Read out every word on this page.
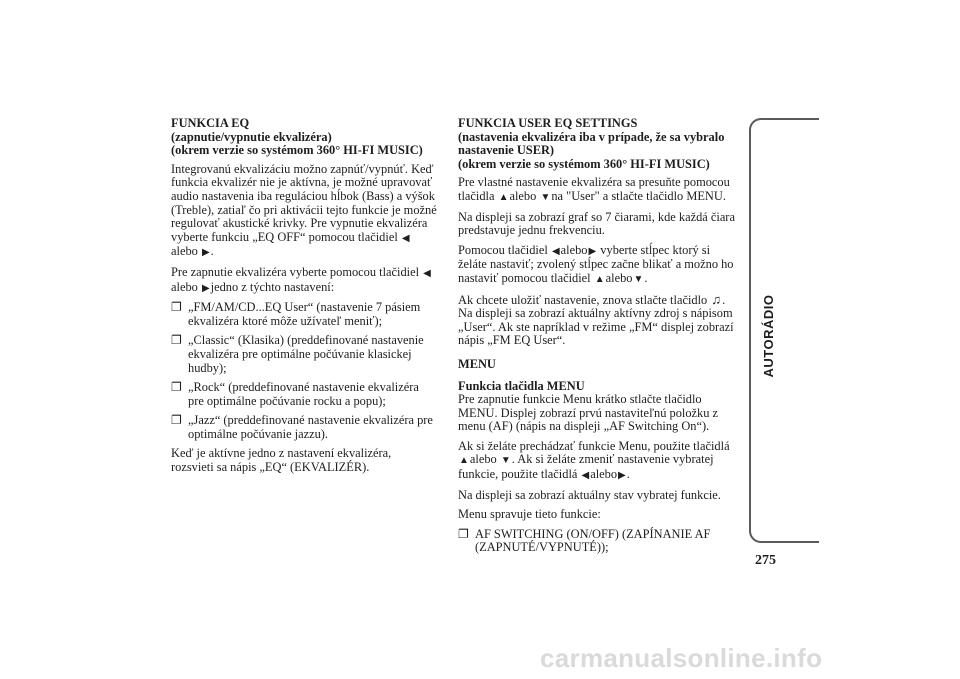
FUNKCIA EQ
(zapnutie/vypnutie ekvalizéra)
(okrem verzie so systémom 360° HI-FI MUSIC)

Integrovanú ekvalizáciu možno zapnúť/vypnúť. Keď funkcia ekvalizér nie je aktívna, je možné upravovať audio nastavenia iba reguláciou hĺbok (Bass) a výšok (Treble), zatiaľ čo pri aktivácii tejto funkcie je možné regulovať akustické krivky. Pre vypnutie ekvalizéra vyberte funkciu „EQ OFF“ pomocou tlačidiel ◀alebo ▶.

Pre zapnutie ekvalizéra vyberte pomocou tlačidiel ◀alebo ▶jedno z týchto nastavení:

❐ „FM/AM/CD...EQ User“ (nastavenie 7 pásiem ekvalizéra ktoré môže užívateľ meniť);
❐ „Classic“ (Klasika) (preddefinované nastavenie ekvalizéra pre optimálne počúvanie klasickej hudby);
❐ „Rock“ (preddefinované nastavenie ekvalizéra pre optimálne počúvanie rocku a popu);
❐ „Jazz“ (preddefinované nastavenie ekvalizéra pre optimálne počúvanie jazzu).

Keď je aktívne jedno z nastavení ekvalizéra, rozsvieti sa nápis „EQ“ (EKVALIZÉR).

FUNKCIA USER EQ SETTINGS
(nastavenia ekvalizéra iba v prípade, že sa vybralo nastavenie USER)
(okrem verzie so systémom 360° HI-FI MUSIC)

Pre vlastné nastavenie ekvalizéra sa presuňte pomocou tlačidla ▲alebo ▼na "User" a stlačte tlačidlo MENU.

Na displeji sa zobrazí graf so 7 čiarami, kde každá čiara predstavuje jednu frekvenciu.

Pomocou tlačidiel ◀alebo▶ vyberte stĺpec ktorý si želáte nastaviť; zvolený stĺpec začne blikať a možno ho nastaviť pomocou tlačidiel ▲alebo▼.

Ak chcete uložiť nastavenie, znova stlačte tlačidlo ♫. Na displeji sa zobrazí aktuálny aktívny zdroj s nápisom „User“. Ak ste napríklad v režime „FM“ displej zobrazí nápis „FM EQ User“.

MENU
Funkcia tlačidla MENU

Pre zapnutie funkcie Menu krátko stlačte tlačidlo MENU. Displej zobrazí prvú nastaviteľnú položku z menu (AF) (nápis na displeji „AF Switching On“).

Ak si želáte prechádzať funkcie Menu, použite tlačidlá ▲alebo ▼. Ak si želáte zmeniť nastavenie vybratej funkcie, použite tlačidlá ◀alebo▶.

Na displeji sa zobrazí aktuálny stav vybratej funkcie.

Menu spravuje tieto funkcie:

❐ AF SWITCHING (ON/OFF) (ZAPÍNANIE AF (ZAPNUTÉ/VYPNUTÉ));
AUTORÁDIO
275
carmanualsonline.info
